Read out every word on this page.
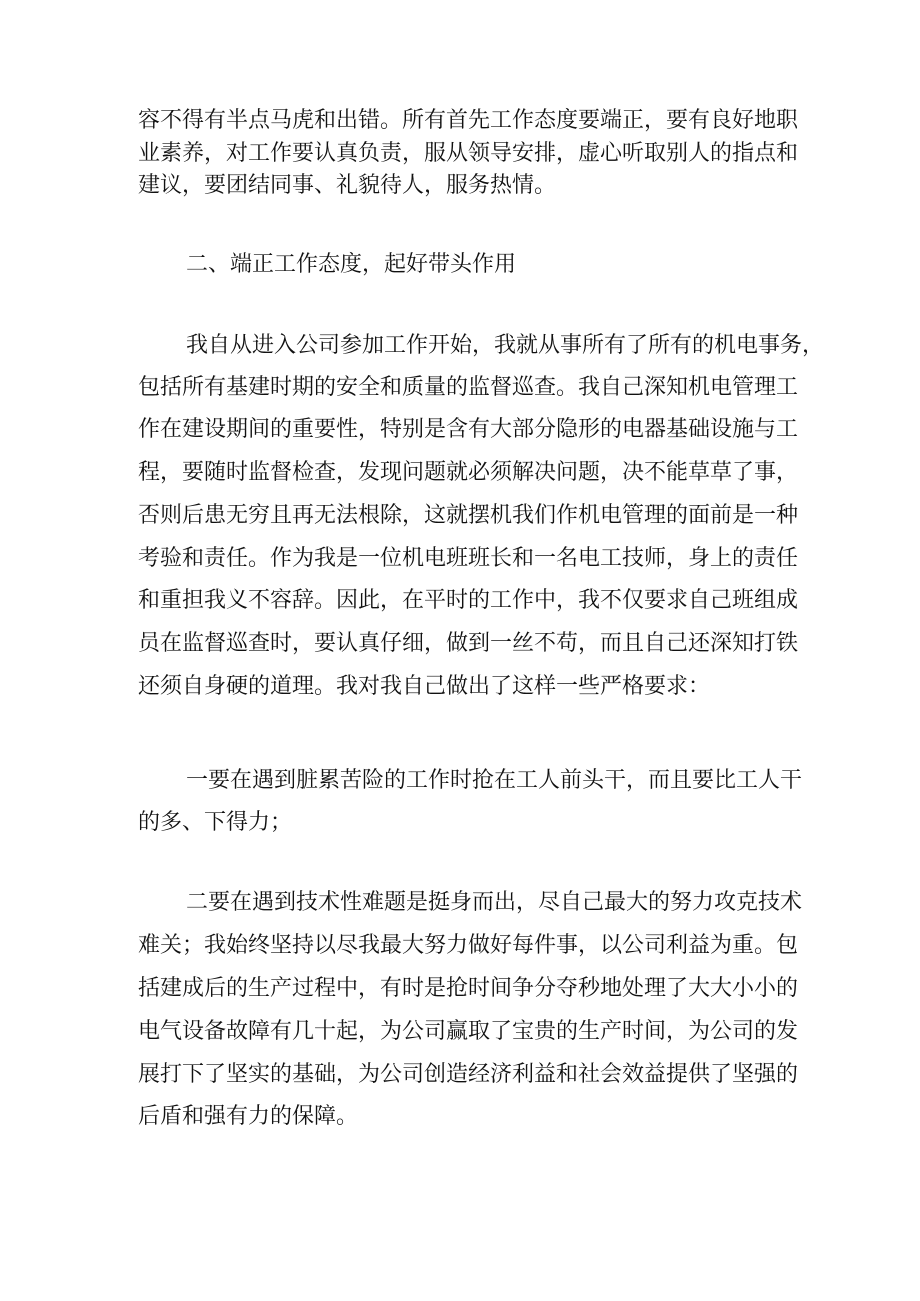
容不得有半点马虎和出错。所有首先工作态度要端正，要有良好地职

业素养，对工作要认真负责，服从领导安排，虚心听取别人的指点和

建议，要团结同事、礼貌待人，服务热情。

二、端正工作态度，起好带头作用

我自从进入公司参加工作开始，我就从事所有了所有的机电事务，

包括所有基建时期的安全和质量的监督巡查。我自己深知机电管理工

作在建设期间的重要性，特别是含有大部分隐形的电器基础设施与工

程，要随时监督检查，发现问题就必须解决问题，决不能草草了事，

否则后患无穷且再无法根除，这就摆机我们作机电管理的面前是一种

考验和责任。作为我是一位机电班班长和一名电工技师，身上的责任

和重担我义不容辞。因此，在平时的工作中，我不仅要求自己班组成

员在监督巡查时，要认真仔细，做到一丝不苟，而且自己还深知打铁

还须自身硬的道理。我对我自己做出了这样一些严格要求：

一要在遇到脏累苦险的工作时抢在工人前头干，而且要比工人干

的多、下得力；

二要在遇到技术性难题是挺身而出，尽自己最大的努力攻克技术

难关；我始终坚持以尽我最大努力做好每件事，以公司利益为重。包

括建成后的生产过程中，有时是抢时间争分夺秒地处理了大大小小的

电气设备故障有几十起，为公司赢取了宝贵的生产时间，为公司的发

展打下了坚实的基础，为公司创造经济利益和社会效益提供了坚强的

后盾和强有力的保障。
